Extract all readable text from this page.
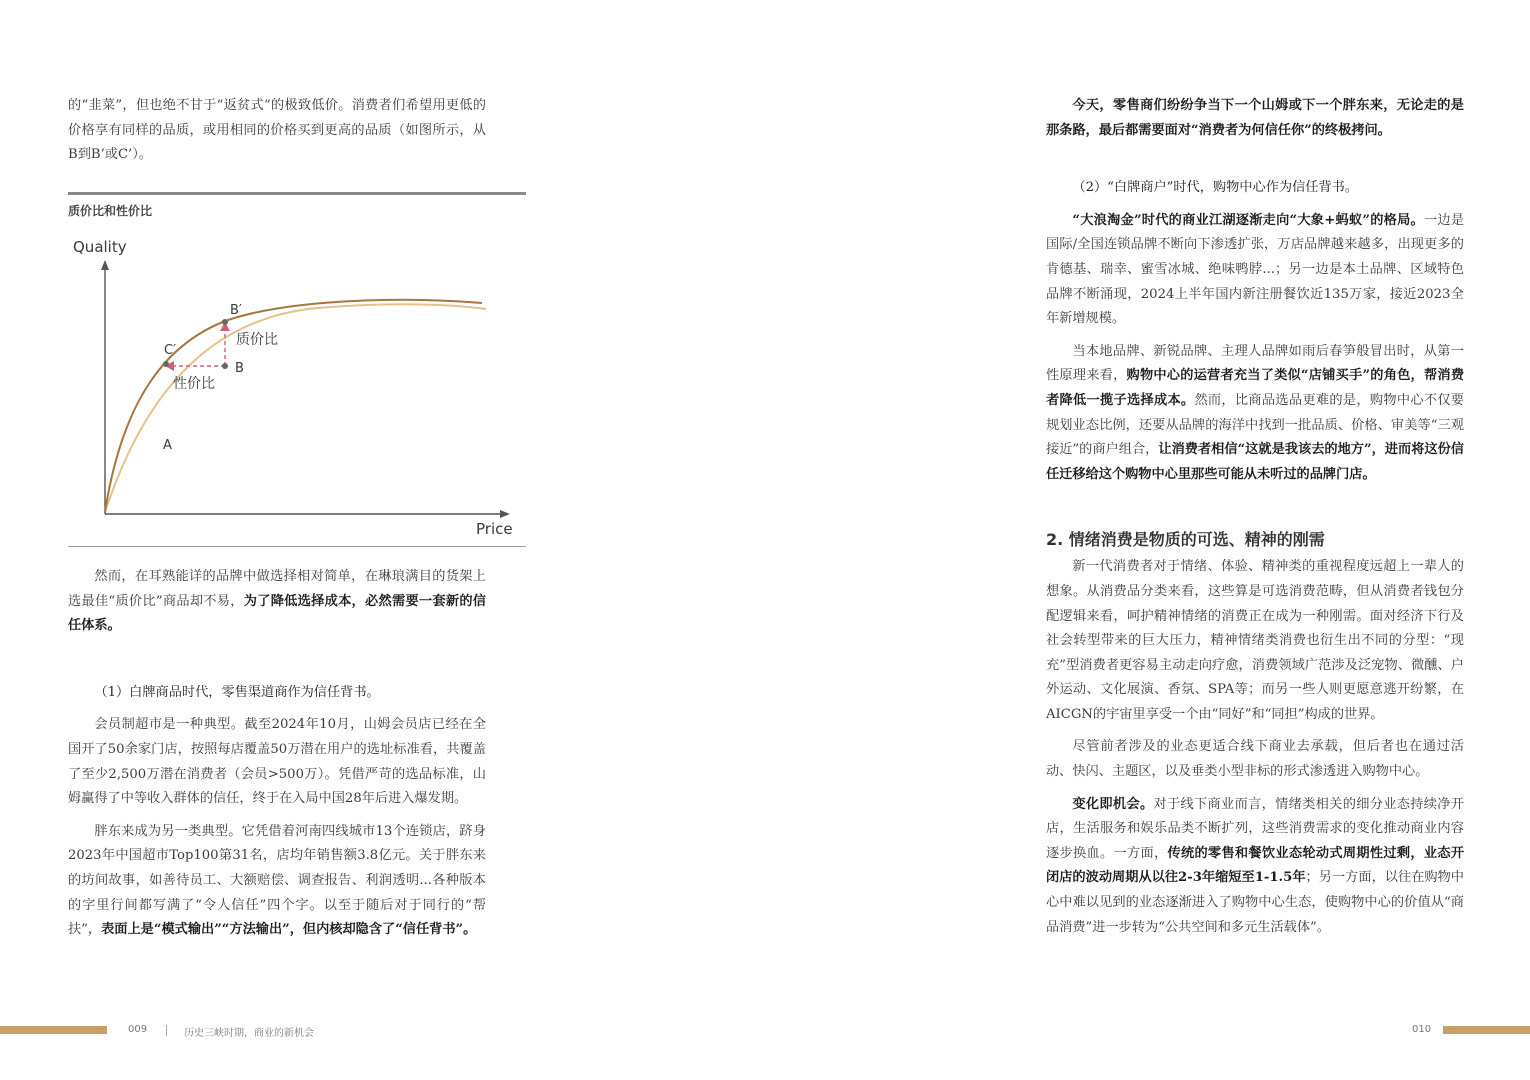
的“韭菜”，但也绝不甘于“返贫式”的极致低价。消费者们希望用更低的价格享有同样的品质，或用相同的价格买到更高的品质（如图所示，从B到B’或C’）。

质价比和性价比
Quality
Price
B′
C′
B
A
质价比
性价比

然而，在耳熟能详的品牌中做选择相对简单，在琳琅满目的货架上选最佳“质价比”商品却不易，为了降低选择成本，必然需要一套新的信任体系。

（1）白牌商品时代，零售渠道商作为信任背书。

会员制超市是一种典型。截至2024年10月，山姆会员店已经在全国开了50余家门店，按照每店覆盖50万潜在用户的选址标准看，共覆盖了至少2,500万潜在消费者（会员>500万）。凭借严苛的选品标准，山姆赢得了中等收入群体的信任，终于在入局中国28年后进入爆发期。

胖东来成为另一类典型。它凭借着河南四线城市13个连锁店，跻身2023年中国超市Top100第31名，店均年销售额3.8亿元。关于胖东来的坊间故事，如善待员工、大额赔偿、调查报告、利润透明...各种版本的字里行间都写满了“令人信任”四个字。以至于随后对于同行的“帮扶”，表面上是“模式输出”“方法输出”，但内核却隐含了“信任背书”。

今天，零售商们纷纷争当下一个山姆或下一个胖东来，无论走的是那条路，最后都需要面对“消费者为何信任你”的终极拷问。

（2）“白牌商户”时代，购物中心作为信任背书。

“大浪淘金”时代的商业江湖逐渐走向“大象+蚂蚁”的格局。一边是国际/全国连锁品牌不断向下渗透扩张，万店品牌越来越多，出现更多的肯德基、瑞幸、蜜雪冰城、绝味鸭脖...；另一边是本土品牌、区域特色品牌不断涌现，2024上半年国内新注册餐饮近135万家，接近2023全年新增规模。

当本地品牌、新锐品牌、主理人品牌如雨后春笋般冒出时，从第一性原理来看，购物中心的运营者充当了类似“店铺买手”的角色，帮消费者降低一揽子选择成本。然而，比商品选品更难的是，购物中心不仅要规划业态比例，还要从品牌的海洋中找到一批品质、价格、审美等“三观接近”的商户组合，让消费者相信“这就是我该去的地方”，进而将这份信任迁移给这个购物中心里那些可能从未听过的品牌门店。

2. 情绪消费是物质的可选、精神的刚需

新一代消费者对于情绪、体验、精神类的重视程度远超上一辈人的想象。从消费品分类来看，这些算是可选消费范畴，但从消费者钱包分配逻辑来看，呵护精神情绪的消费正在成为一种刚需。面对经济下行及社会转型带来的巨大压力，精神情绪类消费也衍生出不同的分型：“现充”型消费者更容易主动走向疗愈，消费领域广范涉及泛宠物、微醺、户外运动、文化展演、香氛、SPA等；而另一些人则更愿意逃开纷繁，在AICGN的宇宙里享受一个由“同好”和“同担”构成的世界。

尽管前者涉及的业态更适合线下商业去承载，但后者也在通过活动、快闪、主题区，以及垂类小型非标的形式渗透进入购物中心。

变化即机会。对于线下商业而言，情绪类相关的细分业态持续净开店，生活服务和娱乐品类不断扩列，这些消费需求的变化推动商业内容逐步换血。一方面，传统的零售和餐饮业态轮动式周期性过剩，业态开闭店的波动周期从以往2-3年缩短至1-1.5年；另一方面，以往在购物中心中难以见到的业态逐渐进入了购物中心生态，使购物中心的价值从“商品消费”进一步转为“公共空间和多元生活载体”。

009	历史三峡时期，商业的新机会	010
